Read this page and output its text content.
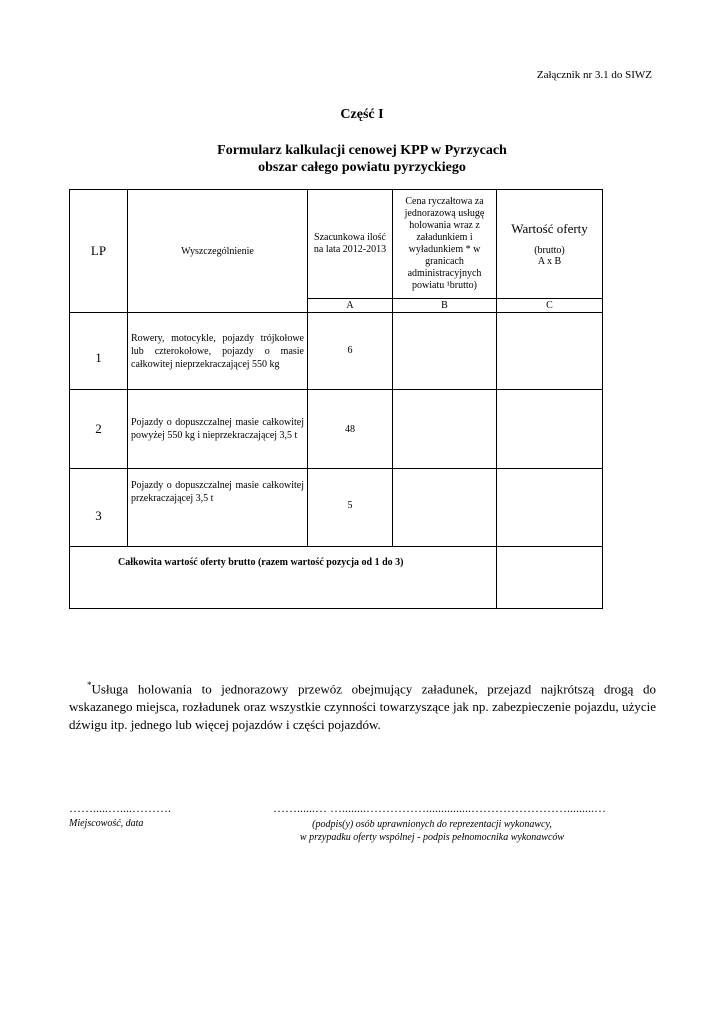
Załącznik nr 3.1 do SIWZ
Część I
Formularz kalkulacji cenowej KPP w Pyrzycach
obszar całego powiatu pyrzyckiego
LP	Wyszczególnienie	Szacunkowa ilość na lata 2012-2013	Cena ryczałtowa za jednorazową usługę holowania wraz z załadunkiem i wyładunkiem * w granicach administracyjnych powiatu ¹brutto)	Wartość oferty
(brutto)
A x B

		A	B	C
1	Rowery, motocykle, pojazdy trójkołowe lub czterokołowe, pojazdy o masie całkowitej nieprzekraczającej 550 kg	6		
2	Pojazdy o dopuszczalnej masie całkowitej powyżej 550 kg i nieprzekraczającej 3,5 t	48		
3	Pojazdy o dopuszczalnej masie całkowitej przekraczającej 3,5 t	5		
Całkowita wartość oferty brutto (razem wartość pozycja od 1 do 3)				
*Usługa holowania to jednorazowy przewóz obejmujący załadunek, przejazd najkrótszą drogą do wskazanego miejsca, rozładunek oraz wszystkie czynności towarzyszące jak np. zabezpieczenie pojazdu, użycie dźwigu itp. jednego lub więcej pojazdów i części pojazdów.
…….....…....……….	……......… …........……………...............…………………….........…
Miejscowość, data	(podpis(y) osób uprawnionych do reprezentacji wykonawcy,
w przypadku oferty wspólnej - podpis pełnomocnika wykonawców
